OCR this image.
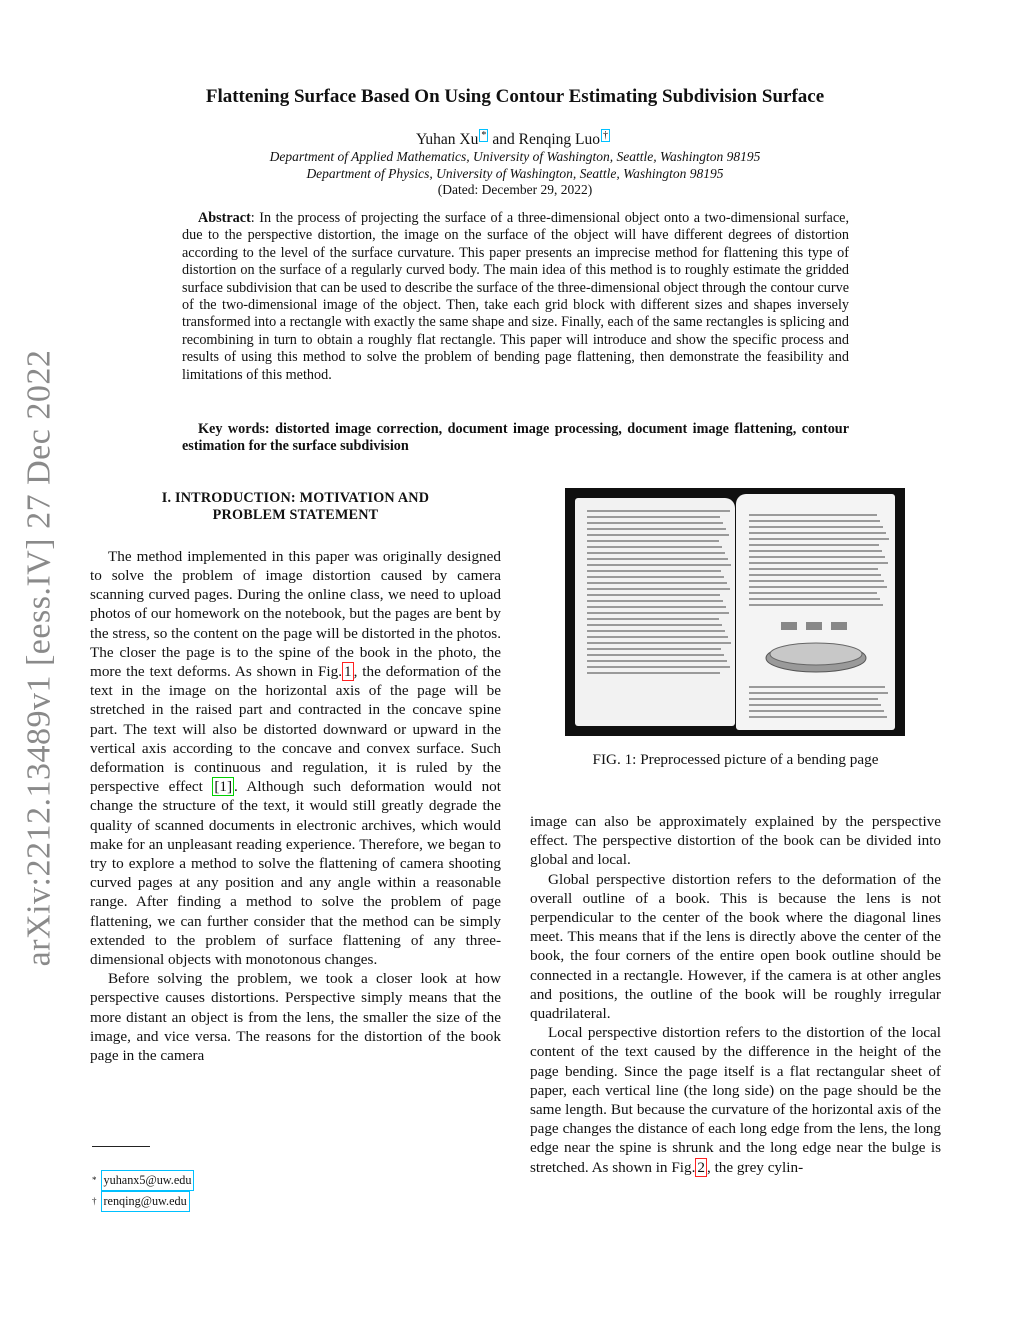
arXiv:2212.13489v1 [eess.IV] 27 Dec 2022
Flattening Surface Based On Using Contour Estimating Subdivision Surface
Yuhan Xu * and Renqing Luo †
Department of Applied Mathematics, University of Washington, Seattle, Washington 98195
Department of Physics, University of Washington, Seattle, Washington 98195
(Dated: December 29, 2022)

Abstract: In the process of projecting the surface of a three-dimensional object onto a two-dimensional surface, due to the perspective distortion, the image on the surface of the object will have different degrees of distortion according to the level of the surface curvature. This paper presents an imprecise method for flattening this type of distortion on the surface of a regularly curved body. The main idea of this method is to roughly estimate the gridded surface subdivision that can be used to describe the surface of the three-dimensional object through the contour curve of the two-dimensional image of the object. Then, take each grid block with different sizes and shapes inversely transformed into a rectangle with exactly the same shape and size. Finally, each of the same rectangles is splicing and recombining in turn to obtain a roughly flat rectangle. This paper will introduce and show the specific process and results of using this method to solve the problem of bending page flattening, then demonstrate the feasibility and limitations of this method.

Key words: distorted image correction, document image processing, document image flattening, contour estimation for the surface subdivision
I. INTRODUCTION: MOTIVATION AND
PROBLEM STATEMENT

The method implemented in this paper was originally designed to solve the problem of image distortion caused by camera scanning curved pages. During the online class, we need to upload photos of our homework on the notebook, but the pages are bent by the stress, so the content on the page will be distorted in the photos. The closer the page is to the spine of the book in the photo, the more the text deforms. As shown in Fig. 1 , the deformation of the text in the image on the horizontal axis of the page will be stretched in the raised part and contracted in the concave spine part. The text will also be distorted downward or upward in the vertical axis according to the concave and convex surface. Such deformation is continuous and regulation, it is ruled by the perspective effect [1] . Although such deformation would not change the structure of the text, it would still greatly degrade the quality of scanned documents in electronic archives, which would make for an unpleasant reading experience. Therefore, we began to try to explore a method to solve the flattening of camera shooting curved pages at any position and any angle within a reasonable range. After finding a method to solve the problem of page flattening, we can further consider that the method can be simply extended to the problem of surface flattening of any three-dimensional objects with monotonous changes.

Before solving the problem, we took a closer look at how perspective causes distortions. Perspective simply means that the more distant an object is from the lens, the smaller the size of the image, and vice versa. The reasons for the distortion of the book page in the camera

FIG. 1: Preprocessed picture of a bending page

image can also be approximately explained by the perspective effect. The perspective distortion of the book can be divided into global and local.

Global perspective distortion refers to the deformation of the overall outline of a book. This is because the lens is not perpendicular to the center of the book where the diagonal lines meet. This means that if the lens is directly above the center of the book, the four corners of the entire open book outline should be connected in a rectangle. However, if the camera is at other angles and positions, the outline of the book will be roughly irregular quadrilateral.

Local perspective distortion refers to the distortion of the local content of the text caused by the difference in the height of the page bending. Since the page itself is a flat rectangular sheet of paper, each vertical line (the long side) on the page should be the same length. But because the curvature of the horizontal axis of the page changes the distance of each long edge from the lens, the long edge near the spine is shrunk and the long edge near the bulge is stretched. As shown in Fig. 2 , the grey cylin-

* yuhanx5@uw.edu
† renqing@uw.edu
